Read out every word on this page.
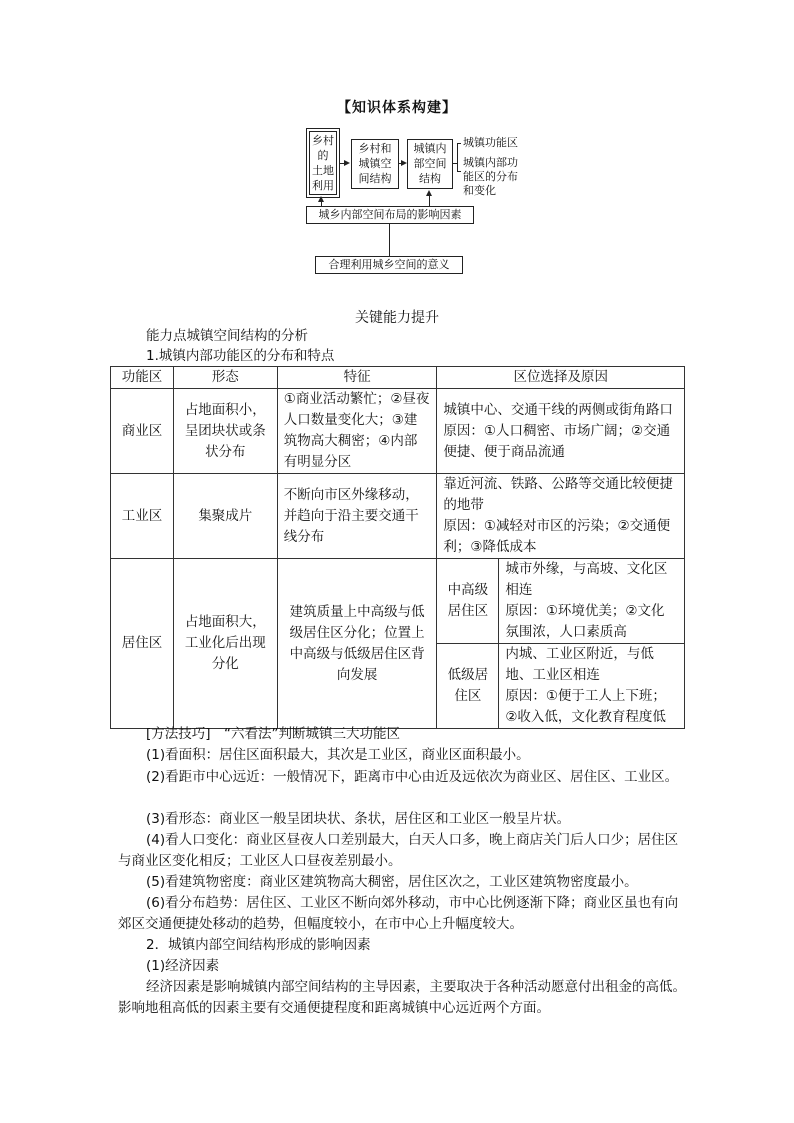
【知识体系构建】
乡村
的
土地
利用
乡村和
城镇空
间结构
城镇内
部空间
结构
城镇功能区
城镇内部功
能区的分布
和变化
城乡内部空间布局的影响因素
合理利用城乡空间的意义
关键能力提升
能力点城镇空间结构的分析
1.城镇内部功能区的分布和特点
功能区	形态	特征	区位选择及原因	
商业区	占地面积小，呈团块状或条状分布	①商业活动繁忙；②昼夜人口数量变化大；③建筑物高大稠密；④内部有明显分区	城镇中心、交通干线的两侧或街角路口
原因：①人口稠密、市场广阔；②交通便捷、便于商品流通	
工业区	集聚成片	不断向市区外缘移动，并趋向于沿主要交通干线分布	靠近河流、铁路、公路等交通比较便捷的地带
原因：①减轻对市区的污染；②交通便利；③降低成本	
居住区	占地面积大，工业化后出现分化	建筑质量上中高级与低级居住区分化；位置上中高级与低级居住区背向发展	中高级居住区	城市外缘，与高坡、文化区相连
原因：①环境优美；②文化氛围浓，人口素质高
			低级居住区	内城、工业区附近，与低地、工业区相连
原因：①便于工人上下班；②收入低，文化教育程度低
[方法技巧]　“六看法”判断城镇三大功能区
(1)看面积：居住区面积最大，其次是工业区，商业区面积最小。
(2)看距市中心远近：一般情况下，距离市中心由近及远依次为商业区、居住区、工业区。
(3)看形态：商业区一般呈团块状、条状，居住区和工业区一般呈片状。
(4)看人口变化：商业区昼夜人口差别最大，白天人口多，晚上商店关门后人口少；居住区与商业区变化相反；工业区人口昼夜差别最小。
(5)看建筑物密度：商业区建筑物高大稠密，居住区次之，工业区建筑物密度最小。
(6)看分布趋势：居住区、工业区不断向郊外移动，市中心比例逐渐下降；商业区虽也有向郊区交通便捷处移动的趋势，但幅度较小，在市中心上升幅度较大。
2．城镇内部空间结构形成的影响因素
(1)经济因素
经济因素是影响城镇内部空间结构的主导因素，主要取决于各种活动愿意付出租金的高低。影响地租高低的因素主要有交通便捷程度和距离城镇中心远近两个方面。
